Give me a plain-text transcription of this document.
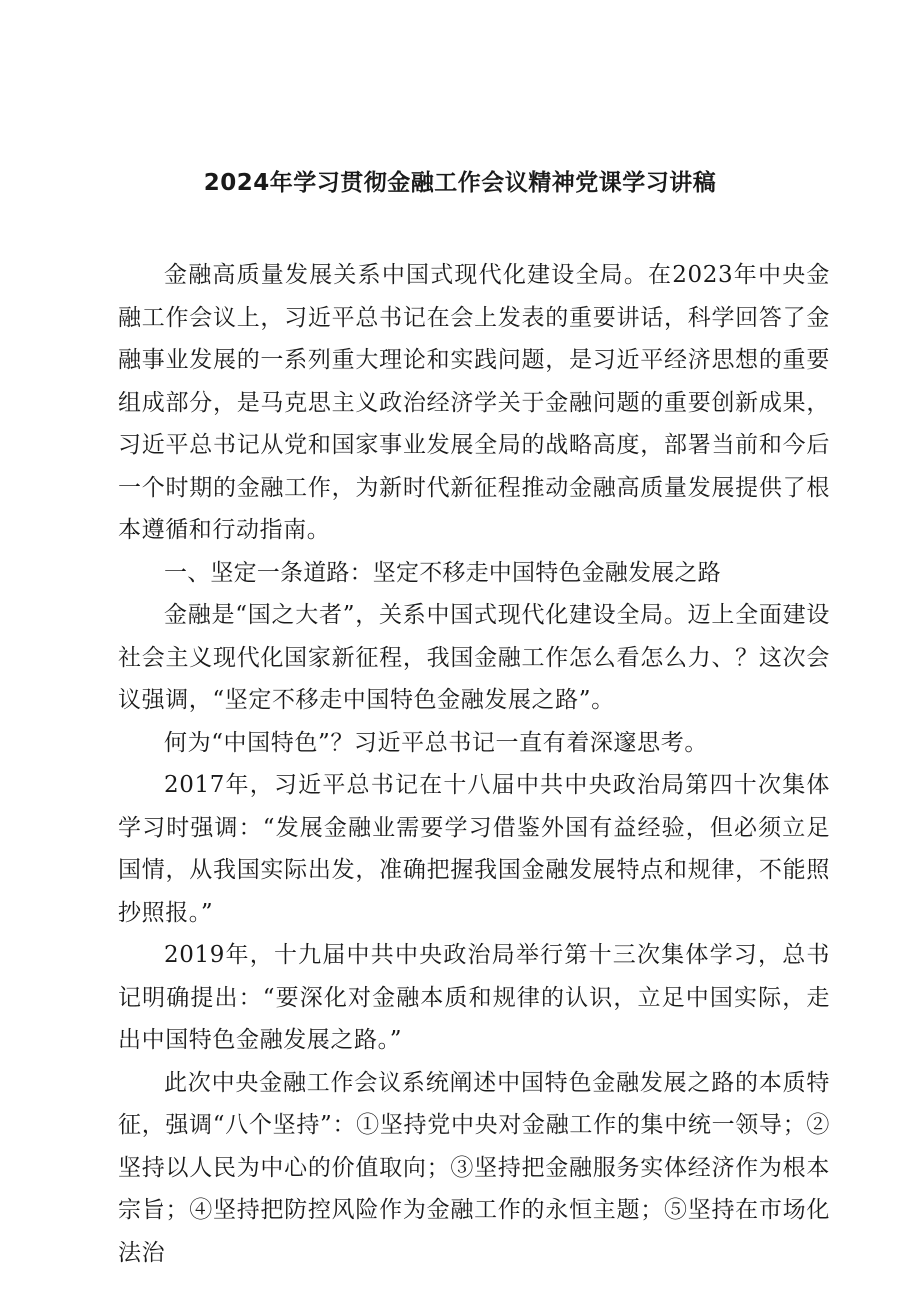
2024年学习贯彻金融工作会议精神党课学习讲稿

金融高质量发展关系中国式现代化建设全局。在2023年中央金融工作会议上，习近平总书记在会上发表的重要讲话，科学回答了金融事业发展的一系列重大理论和实践问题，是习近平经济思想的重要组成部分，是马克思主义政治经济学关于金融问题的重要创新成果，习近平总书记从党和国家事业发展全局的战略高度，部署当前和今后一个时期的金融工作，为新时代新征程推动金融高质量发展提供了根本遵循和行动指南。

一、坚定一条道路：坚定不移走中国特色金融发展之路

金融是“国之大者”，关系中国式现代化建设全局。迈上全面建设社会主义现代化国家新征程，我国金融工作怎么看怎么力、？这次会议强调，“坚定不移走中国特色金融发展之路”。

何为“中国特色”？习近平总书记一直有着深邃思考。

2017年，习近平总书记在十八届中共中央政治局第四十次集体学习时强调：“发展金融业需要学习借鉴外国有益经验，但必须立足国情，从我国实际出发，准确把握我国金融发展特点和规律，不能照抄照报。”

2019年，十九届中共中央政治局举行第十三次集体学习，总书记明确提出：“要深化对金融本质和规律的认识，立足中国实际，走出中国特色金融发展之路。”

此次中央金融工作会议系统阐述中国特色金融发展之路的本质特征，强调“八个坚持”：①坚持党中央对金融工作的集中统一领导；②坚持以人民为中心的价值取向；③坚持把金融服务实体经济作为根本宗旨；④坚持把防控风险作为金融工作的永恒主题；⑤坚持在市场化法治
